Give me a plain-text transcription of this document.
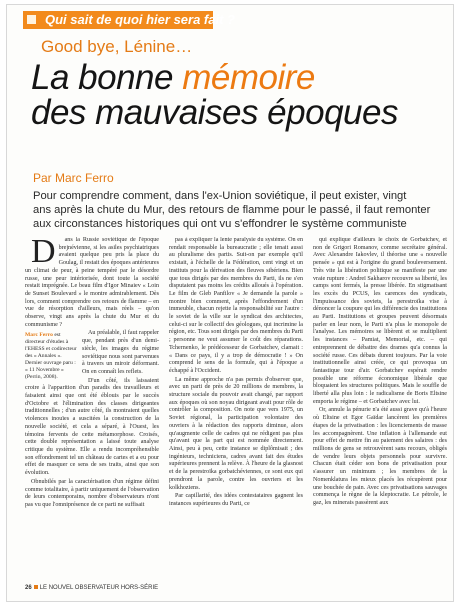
Qui sait de quoi hier sera fait ?
Good bye, Lénine…
La bonne mémoire
des mauvaises époques
Par Marc Ferro
Pour comprendre comment, dans l'ex-Union soviétique, il peut exister, vingt
ans après la chute du Mur, des retours de flamme pour le passé, il faut remonter
aux circonstances historiques qui ont vu s'effondrer le système communiste

D	ans la Russie soviétique de l'époque brejnévienne, si les asiles psychiatriques avaient quelque peu pris la place du Goulag, il restait des époques antérieures un climat de peur, à peine tempéré par le désordre russe, une peur intériorisée, dont toute la société restait imprégnée. Le beau film d'Igor Minaiev « Loin de Sunset Boulevard » le montre admirablement. Dès lors, comment comprendre ces retours de flamme – en vue de résorption d'ailleurs, mais réels – qu'on observe, vingt ans après la chute du Mur et du communisme ?

Marc Ferro est directeur d'études à l'EHESS et codirecteur des « Annales ». Dernier ouvrage paru : « 11 Novembre » (Perrin, 2008).

Au préalable, il faut rappeler que, pendant près d'un demi-siècle, les images du régime soviétique nous sont parvenues à travers un miroir déformant. On en connaît les reflets.

D'un côté, ils laissaient croire à l'apparition d'un paradis des travailleurs et faisaient ainsi que ont été éblouis par le succès d'Octobre et l'élimination des classes dirigeantes traditionnelles ; d'un autre côté, ils montraient quelles violences inouïes a suscitées la construction de la nouvelle société, et cela a séparé, à l'Ouest, les témoins fervents de cette métamorphose. Croisés, cette double représentation a laissé toute analyse critique du système. Elle a rendu incompréhensible son effondrement tel un château de cartes et a eu pour effet de masquer ce sens de ses traits, ainsi que son évolution.

Obnubilés par la caractérisation d'un régime défini comme totalitaire, à partir uniquement de l'observation de leurs contemporains, nombre d'observateurs n'ont pas vu que l'omniprésence de ce parti ne suffisait

pas à expliquer la lente paralysie du système. On en rendait responsable la bureaucratie ; elle tenait aussi au pluralisme des partis. Suit-on par exemple qu'il existait, à l'échelle de la Fédération, cent vingt et un instituts pour la dérivation des fleuves sibériens. Bien que tous dirigés par des membres du Parti, ils ne s'en disputaient pas moins les crédits alloués à l'opération. Le film de Gleb Panfilov « Je demande la parole » montre bien comment, après l'effondrement d'un immeuble, chacun rejette la responsabilité sur l'autre : le soviet de la ville sur le syndicat des architectes, celui-ci sur le collectif des géologues, qui incrimine la région, etc. Tous sont dirigés par des membres du Parti ; personne ne veut assumer le coût des réparations. Tchernenko, le prédécesseur de Gorbatchev, clamait : « Dans ce pays, il y a trop de démocratie ! » On comprend le sens de la formule, qui à l'époque a échappé à l'Occident.

La même approche n'a pas permis d'observer que, avec un parti de près de 20 millions de membres, la structure sociale du pouvoir avait changé, par rapport aux époques où son noyau dirigeant avait pour rôle de contrôler la composition. On note que vers 1975, un Soviet régional, la participation volontaire des ouvriers à la rédaction des rapports diminue, alors qu'augmente celle de cadres qui ne rédigent pas plus qu'avant que la part qui est nommée directement. Ainsi, peu à peu, cette instance se diplômisait ; des ingénieurs, techniciens, cadres avant fait des études supérieures prennent la relève. À l'heure de la glasnost et de la perestroïka gorbatchéviennes, ce sont eux qui prendront la parole, contre les ouvriers et les kolkhoziens.

Par capillarité, des idées contestataires gagnent les instances supérieures du Parti, ce

qui explique d'ailleurs le choix de Gorbatchev, et non de Grigori Romanov, comme secrétaire général. Avec Alexandre Iakovlev, il théorise une « nouvelle pensée » qui est à l'origine du grand bouleversement. Très vite la libération politique se manifeste par une vraie rupture : Andreï Sakharov recouvre sa liberté, les camps sont fermés, la presse libérée. En stigmatisant les excès du PCUS, les carences des syndicats, l'impuissance des soviets, la perestroïka vise à dénoncer la coupure qui les différencie des institutions au Parti. Institutions et groupes peuvent désormais parler en leur nom, le Parti n'a plus le monopole de l'analyse. Les mémoires se libèrent et se multiplient les instances – Pamiat, Memorial, etc. – qui entreprennent de débattre des drames qu'a connus la société russe. Ces débats durent toujours. Par la voie institutionnelle ainsi créée, ce qui provoqua un fantastique tour d'air. Gorbatchev espérait rendre possible une réforme économique libérale que bloquaient les structures politiques. Mais le souffle de liberté alla plus loin : le radicalisme de Boris Eltsine emporta le régime – et Gorbatchev avec lui.

Or, annule la pénurie n'a été aussi grave qu'à l'heure où Eltsine et Egor Gaïdar lancèrent les premières étapes de la privatisation : les licenciements de masse les accompagnèrent. Une inflation à l'allemande eut pour effet de mettre fin au paiement des salaires : des millions de gens se retrouvèrent sans recours, obligés de vendre leurs objets personnels pour survivre. Chacun était céder son bons de privatisation pour s'assurer un minimum ; les membres de la Nomenklatura les mieux placés les récupèrent pour une bouchée de pain. Avec ces privatisations sauvages commença le règne de la kleptocratie. Le pétrole, le gaz, les minerais passèrent aux

26 LE NOUVEL OBSERVATEUR HORS-SÉRIE
